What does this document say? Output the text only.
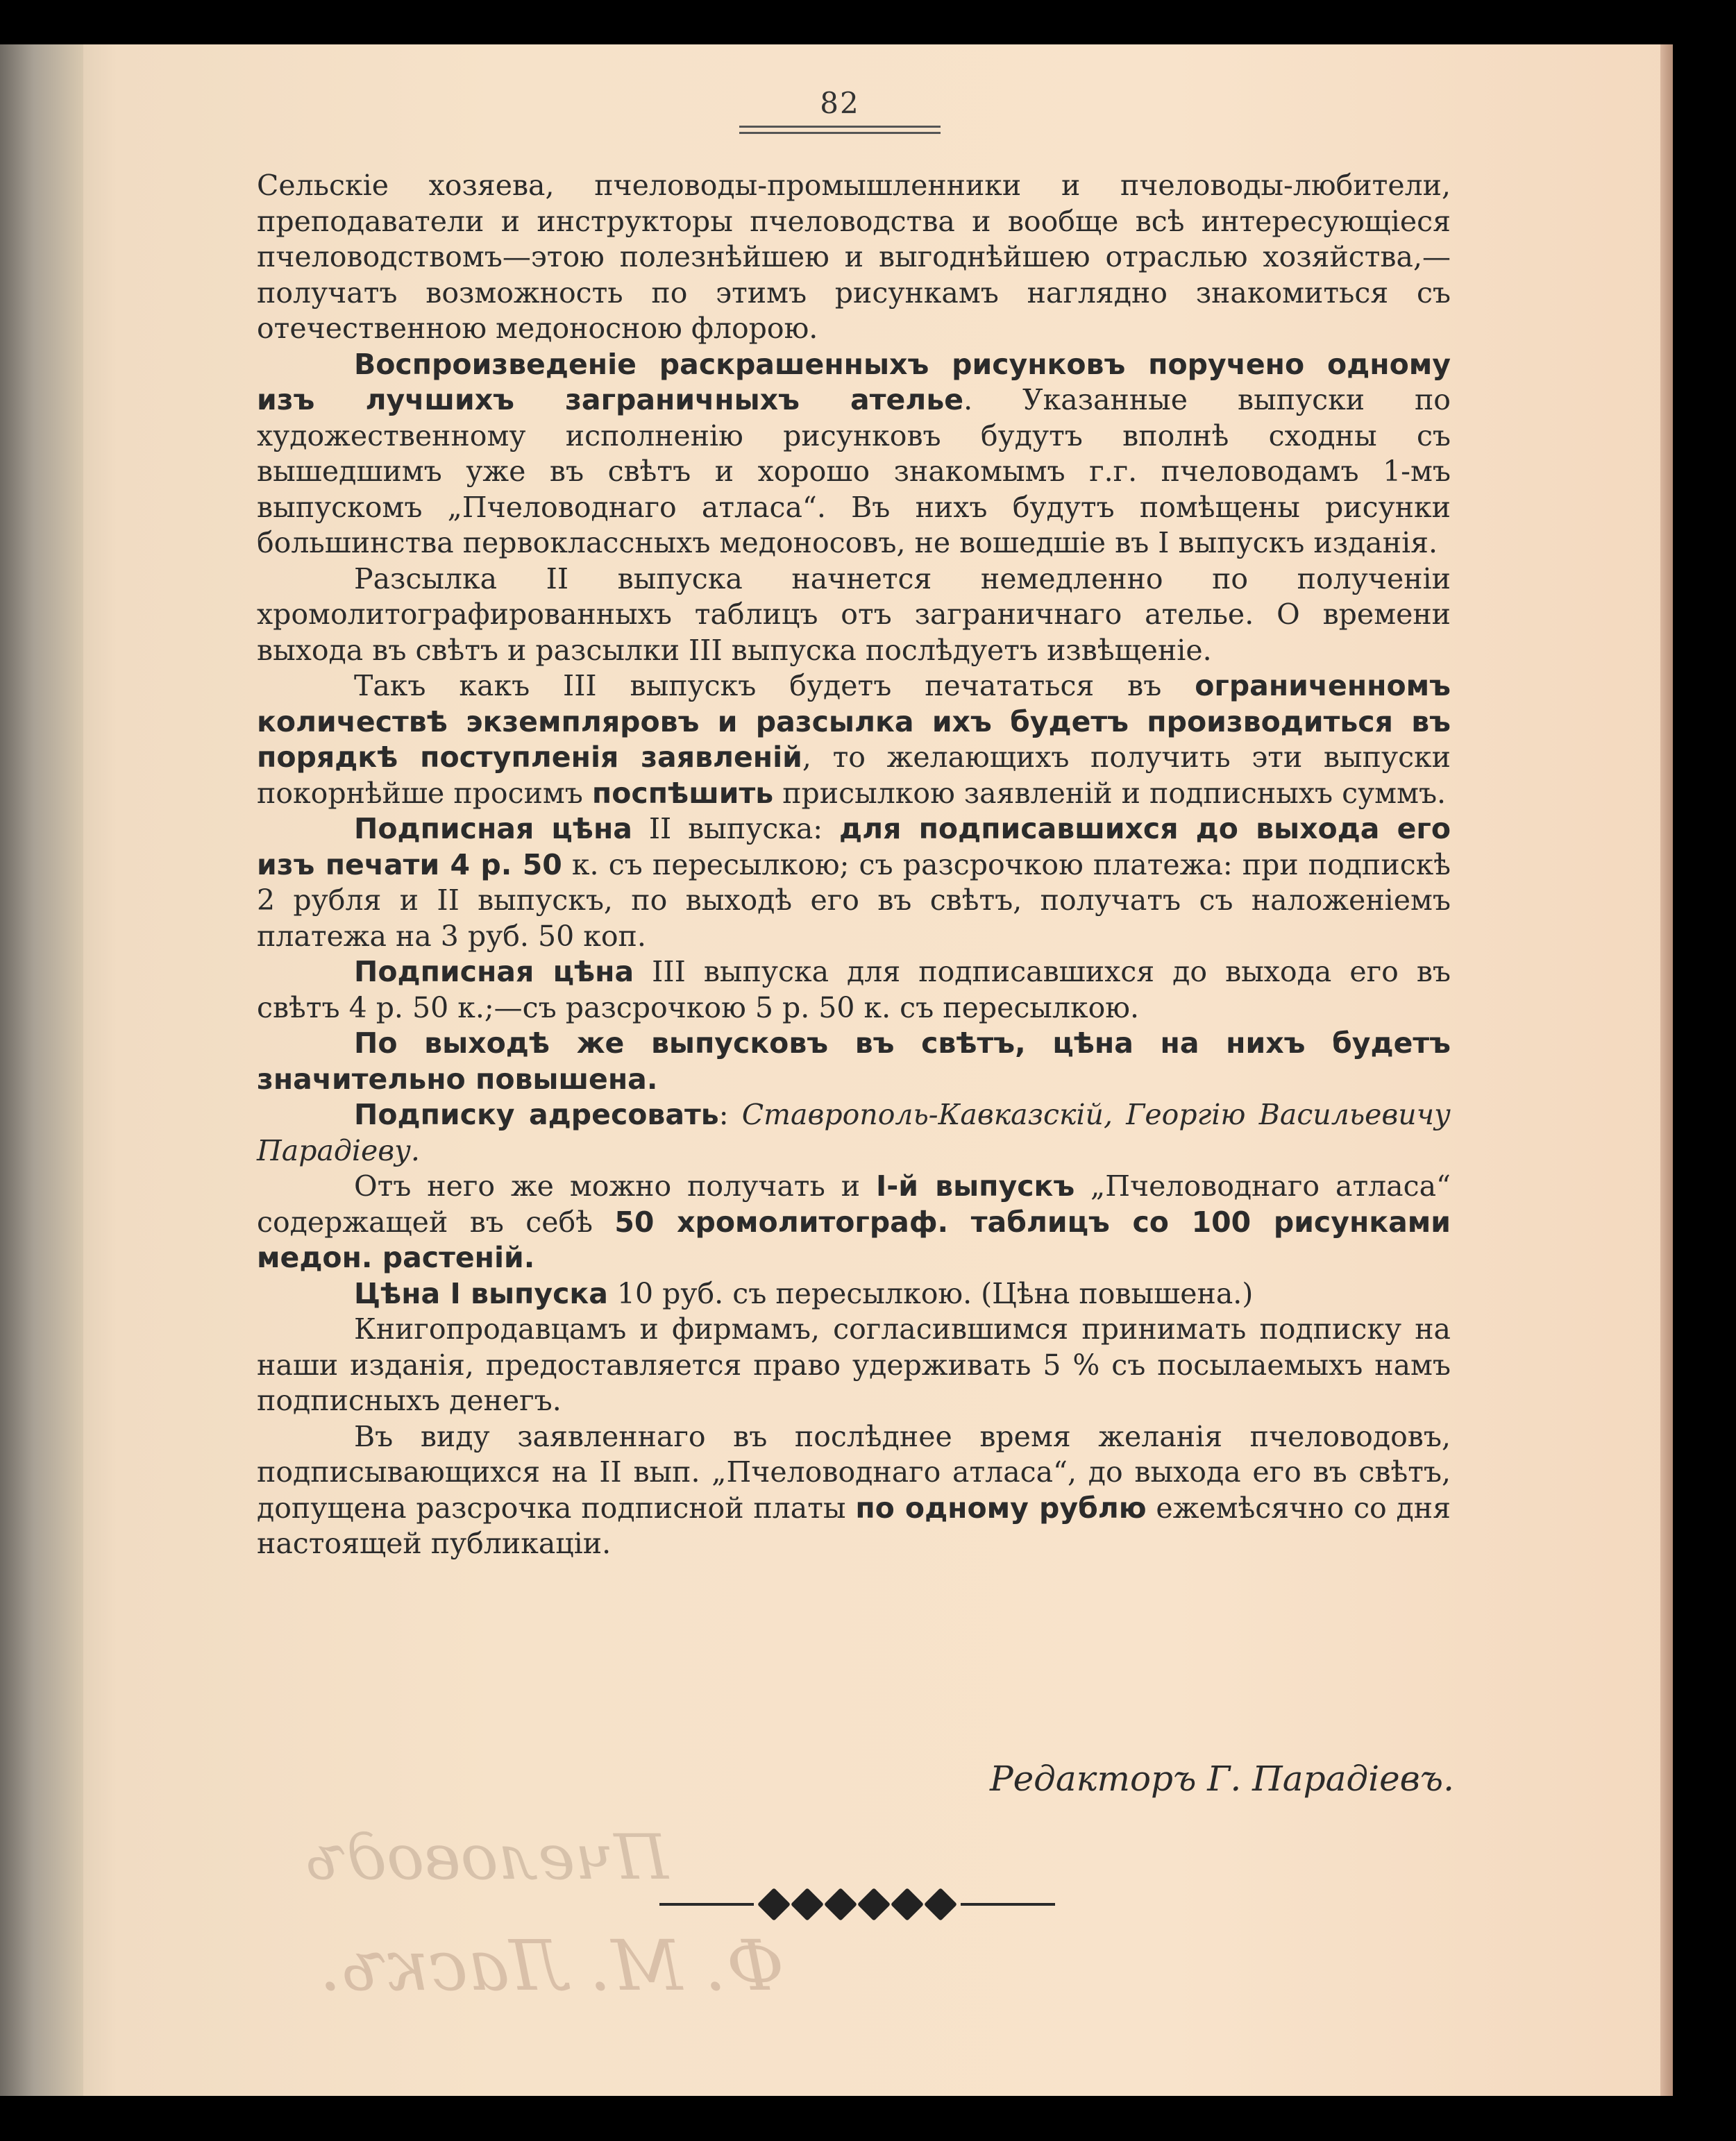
Пчеловодъ
Ф. М. Ласкъ.
82

Сельскіе хозяева, пчеловоды-промышленники и пчеловоды-любители, преподаватели и инструкторы пчеловодства и вообще всѣ интересующіеся пчеловодствомъ—этою полезнѣйшею и выгоднѣйшею отраслью хозяйства,—получатъ возможность по этимъ рисункамъ наглядно знакомиться съ отечественною медоносною флорою.

Воспроизведенiе раскрашенныхъ рисунковъ поручено одному изъ лучшихъ заграничныхъ ателье. Указанные выпуски по художественному исполненію рисунковъ будутъ вполнѣ сходны съ вышедшимъ уже въ свѣтъ и хорошо знакомымъ г.г. пчеловодамъ 1-мъ выпускомъ „Пчеловоднаго атласа“. Въ нихъ будутъ помѣщены рисунки большинства первоклассныхъ медоносовъ, не вошедшіе въ I выпускъ изданія.

Разсылка II выпуска начнется немедленно по полученіи хромолитографированныхъ таблицъ отъ заграничнаго ателье. О времени выхода въ свѣтъ и разсылки III выпуска послѣдуетъ извѣщеніе.

Такъ какъ III выпускъ будетъ печататься въ ограниченномъ количествѣ экземпляровъ и разсылка ихъ будетъ производиться въ порядкѣ поступленія заявленій, то желающихъ получить эти выпуски покорнѣйше просимъ поспѣшить присылкою заявленій и подписныхъ суммъ.

Подписная цѣна II выпуска: для подписавшихся до выхода его изъ печати 4 р. 50 к. съ пересылкою; съ разсрочкою платежа: при подпискѣ 2 рубля и II выпускъ, по выходѣ его въ свѣтъ, получатъ съ наложеніемъ платежа на 3 руб. 50 коп.

Подписная цѣна III выпуска для подписавшихся до выхода его въ свѣтъ 4 р. 50 к.;—съ разсрочкою 5 р. 50 к. съ пересылкою.

По выходѣ же выпусковъ въ свѣтъ, цѣна на нихъ будетъ значительно повышена.

Подписку адресовать: Ставрополь-Кавказскій, Георгію Васильевичу Парадіеву.

Отъ него же можно получать и I-й выпускъ „Пчеловоднаго атласа“ содержащей въ себѣ 50 хромолитограф. таблицъ со 100 рисунками медон. растеній.

Цѣна I выпуска 10 руб. съ пересылкою. (Цѣна повышена.)

Книгопродавцамъ и фирмамъ, согласившимся принимать подписку на наши изданія, предоставляется право удерживать 5 % съ посылаемыхъ намъ подписныхъ денегъ.

Въ виду заявленнаго въ послѣднее время желанія пчеловодовъ, подписывающихся на II вып. „Пчеловоднаго атласа“, до выхода его въ свѣтъ, допущена разсрочка подписной платы по одному рублю ежемѣсячно со дня настоящей публикаціи.

Редакторъ Г. Парадіевъ.
